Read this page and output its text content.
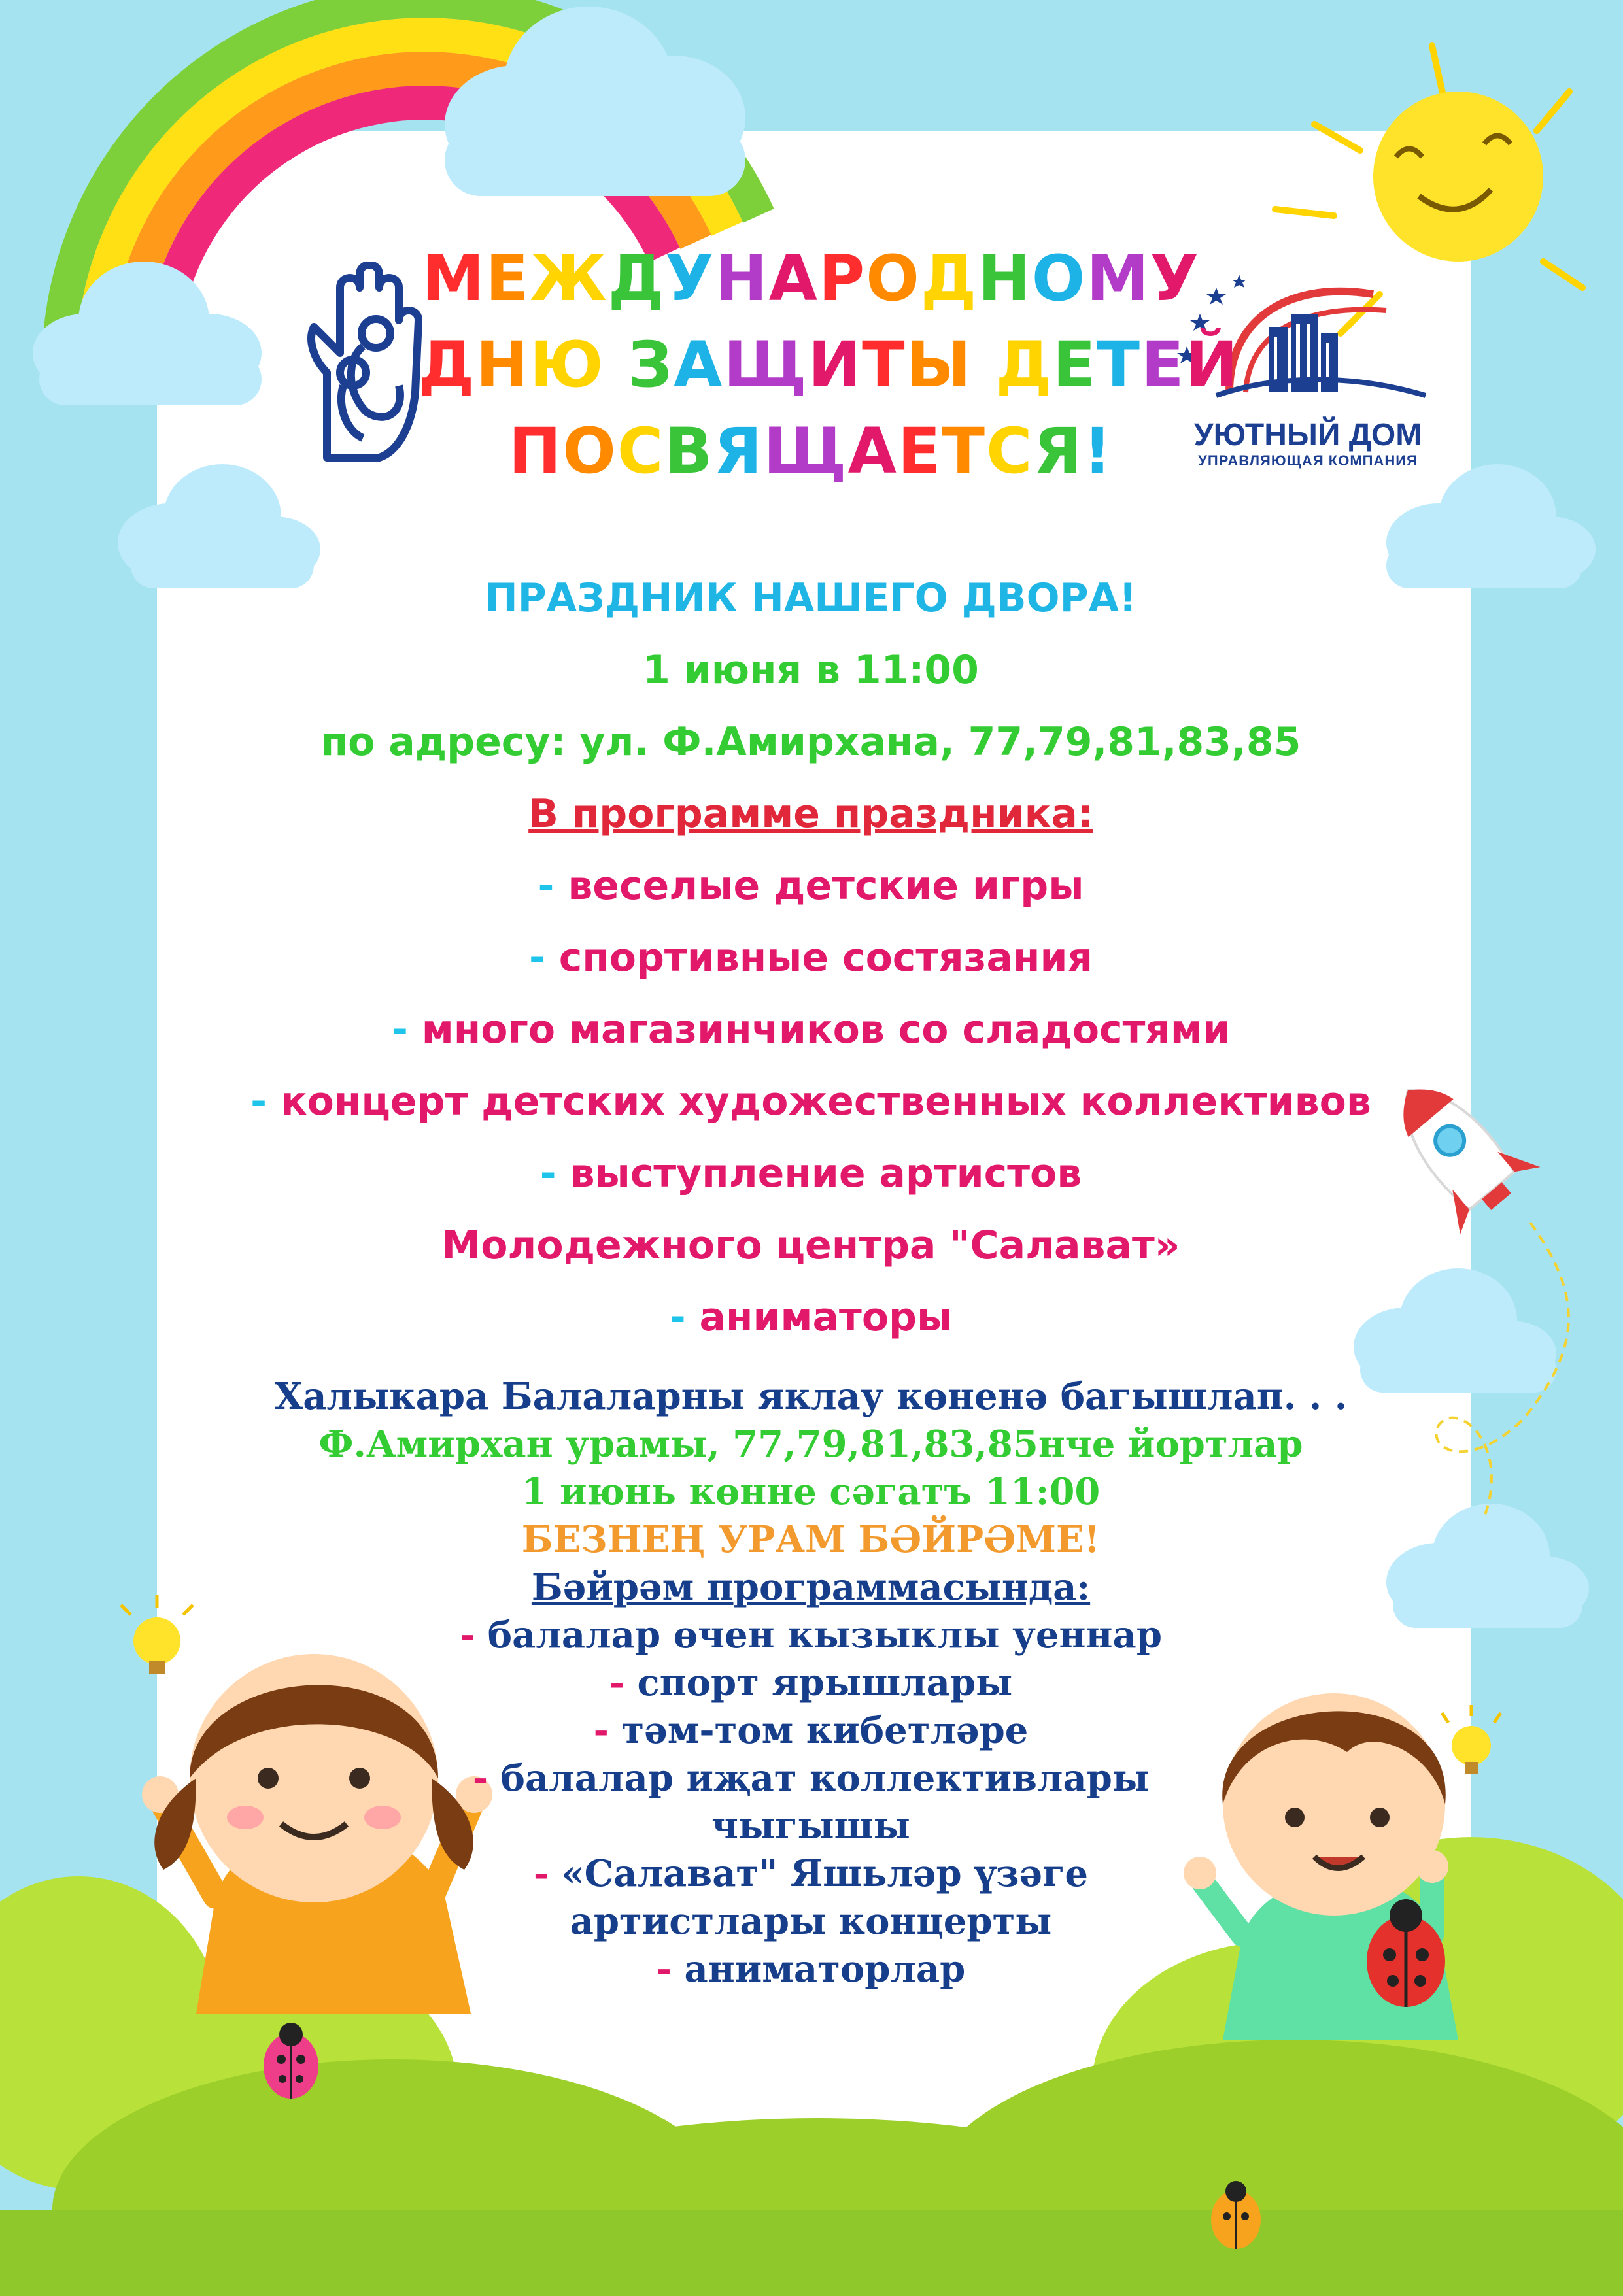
УЮТНЫЙ ДОМ
УПРАВЛЯЮЩАЯ КОМПАНИЯ
МЕЖДУНАРОДНОМУ
ДНЮ ЗАЩИТЫ ДЕТЕЙ
ПОСВЯЩАЕТСЯ!
ПРАЗДНИК НАШЕГО ДВОРА!
1 июня в 11:00
по адресу: ул. Ф.Амирхана, 77,79,81,83,85
В программе праздника:
- веселые детские игры
- спортивные состязания
- много магазинчиков со сладостями
- концерт детских художественных коллективов
- выступление артистов
Молодежного центра "Салават»
- аниматоры
Халыкара Балаларны яклау көненә багышлап. . .
Ф.Амирхан урамы, 77,79,81,83,85нче йортлар
1 июнь көнне сәгатъ 11:00
БЕЗНЕҢ УРАМ БӘЙРӘМЕ!
Бәйрәм программасында:
- балалар өчен кызыклы уеннар
- спорт ярышлары
- тәм-том кибетләре
- балалар иҗат коллективлары
чыгышы
- «Салават" Яшьләр үзәге
артистлары концерты
- аниматорлар
